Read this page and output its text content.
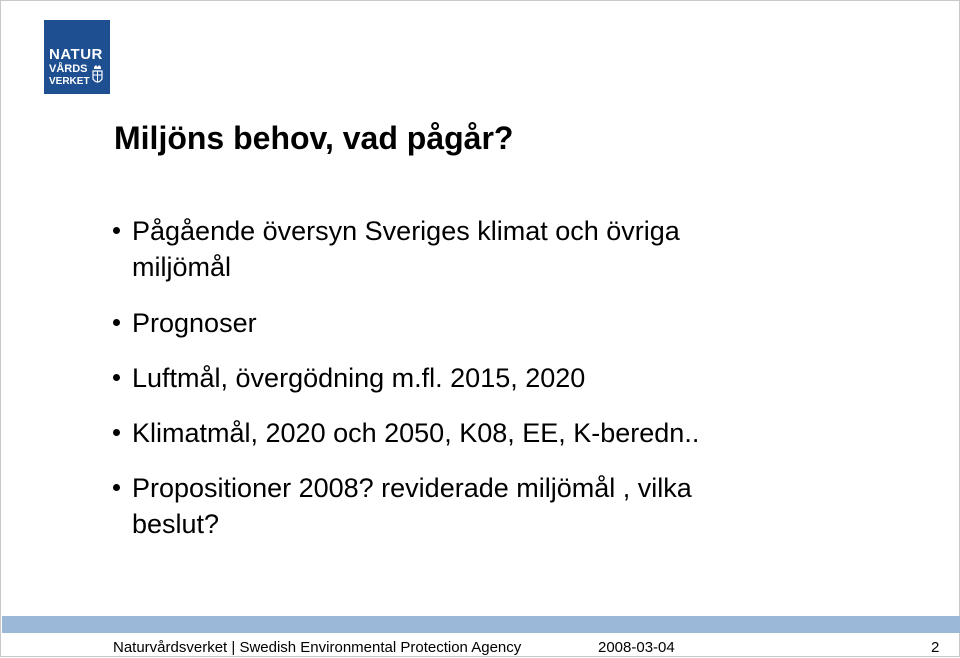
NATUR
VÅRDS
VERKET
Miljöns behov, vad pågår?
Pågående översyn Sveriges klimat och övriga
miljömål
Prognoser
Luftmål, övergödning m.fl. 2015, 2020
Klimatmål, 2020 och 2050, K08, EE, K-beredn..
Propositioner 2008? reviderade miljömål , vilka
beslut?
Naturvårdsverket | Swedish Environmental Protection Agency	2008-03-04	2
